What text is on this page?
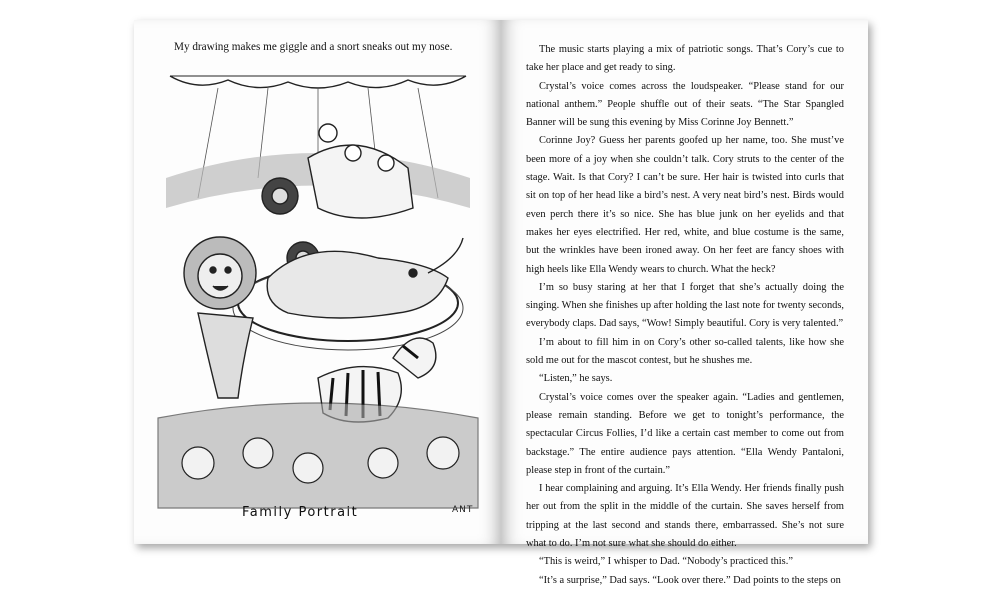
My drawing makes me giggle and a snort sneaks out my nose.
Family Portrait	ANT

The music starts playing a mix of patriotic songs. That’s Cory’s cue to take her place and get ready to sing.

Crystal’s voice comes across the loudspeaker. “Please stand for our national anthem.” People shuffle out of their seats. “The Star Spangled Banner will be sung this evening by Miss Corinne Joy Bennett.”

Corinne Joy? Guess her parents goofed up her name, too. She must’ve been more of a joy when she couldn’t talk. Cory struts to the center of the stage. Wait. Is that Cory? I can’t be sure. Her hair is twisted into curls that sit on top of her head like a bird’s nest. A very neat bird’s nest. Birds would even perch there it’s so nice. She has blue junk on her eyelids and that makes her eyes electrified. Her red, white, and blue costume is the same, but the wrinkles have been ironed away. On her feet are fancy shoes with high heels like Ella Wendy wears to church. What the heck?

I’m so busy staring at her that I forget that she’s actually doing the singing. When she finishes up after holding the last note for twenty seconds, everybody claps. Dad says, “Wow! Simply beautiful. Cory is very talented.”

I’m about to fill him in on Cory’s other so-called talents, like how she sold me out for the mascot contest, but he shushes me.

“Listen,” he says.

Crystal’s voice comes over the speaker again. “Ladies and gentlemen, please remain standing. Before we get to tonight’s performance, the spectacular Circus Follies, I’d like a certain cast member to come out from backstage.” The entire audience pays attention. “Ella Wendy Pantaloni, please step in front of the curtain.”

I hear complaining and arguing. It’s Ella Wendy. Her friends finally push her out from the split in the middle of the curtain. She saves herself from tripping at the last second and stands there, embarrassed. She’s not sure what to do. I’m not sure what she should do either.

“This is weird,” I whisper to Dad. “Nobody’s practiced this.”

“It’s a surprise,” Dad says. “Look over there.” Dad points to the steps on
